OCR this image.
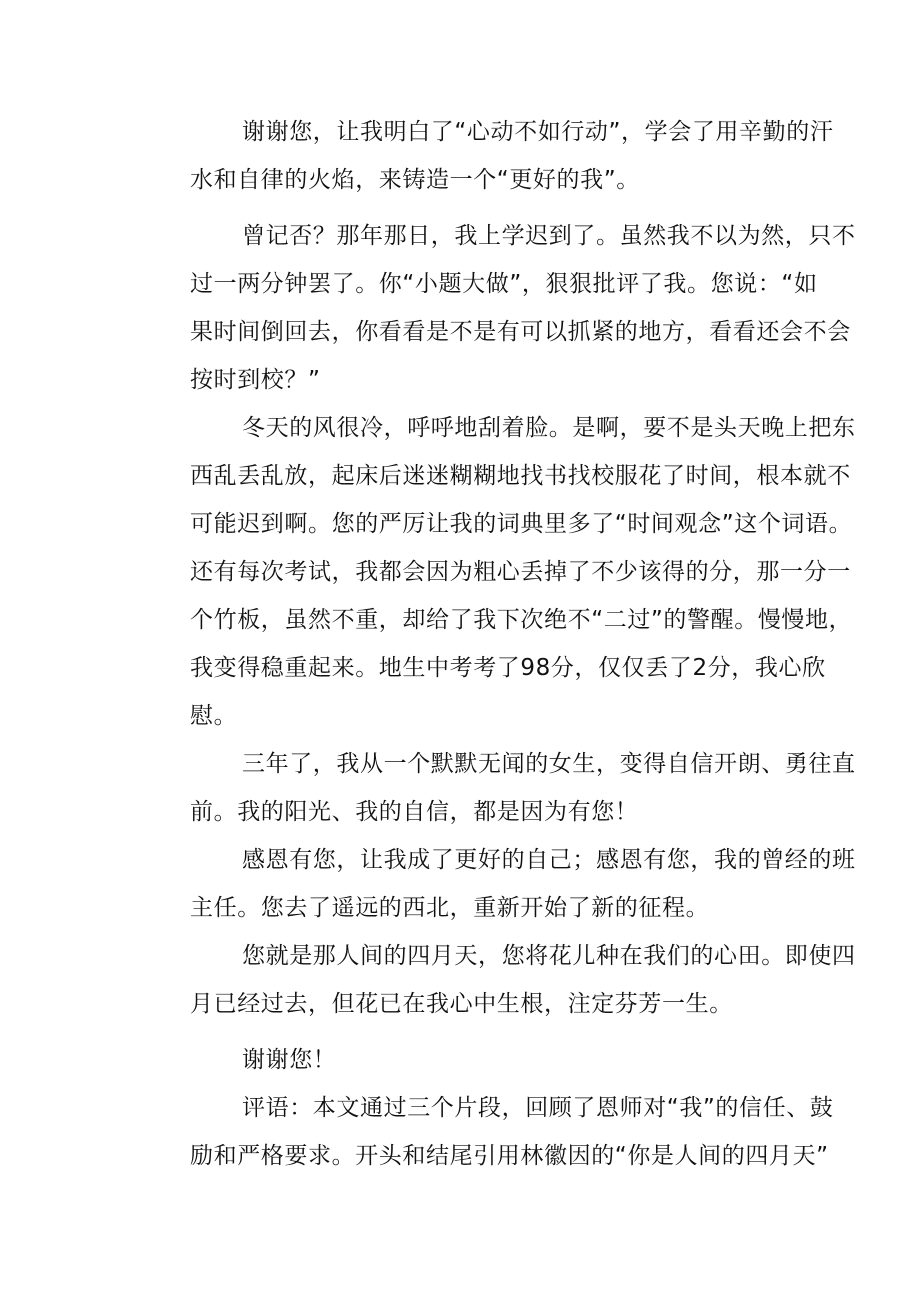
谢谢您，让我明白了“心动不如行动”，学会了用辛勤的汗
水和自律的火焰，来铸造一个“更好的我”。

曾记否？那年那日，我上学迟到了。虽然我不以为然，只不
过一两分钟罢了。你“小题大做”，狠狠批评了我。您说：“如
果时间倒回去，你看看是不是有可以抓紧的地方，看看还会不会
按时到校？”

冬天的风很冷，呼呼地刮着脸。是啊，要不是头天晚上把东
西乱丢乱放，起床后迷迷糊糊地找书找校服花了时间，根本就不
可能迟到啊。您的严厉让我的词典里多了“时间观念”这个词语。
还有每次考试，我都会因为粗心丢掉了不少该得的分，那一分一
个竹板，虽然不重，却给了我下次绝不“二过”的警醒。慢慢地，
我变得稳重起来。地生中考考了98分，仅仅丢了2分，我心欣
慰。

三年了，我从一个默默无闻的女生，变得自信开朗、勇往直
前。我的阳光、我的自信，都是因为有您！

感恩有您，让我成了更好的自己；感恩有您，我的曾经的班
主任。您去了遥远的西北，重新开始了新的征程。

您就是那人间的四月天，您将花儿种在我们的心田。即使四
月已经过去，但花已在我心中生根，注定芬芳一生。

谢谢您！

评语：本文通过三个片段，回顾了恩师对“我”的信任、鼓
励和严格要求。开头和结尾引用林徽因的“你是人间的四月天”
